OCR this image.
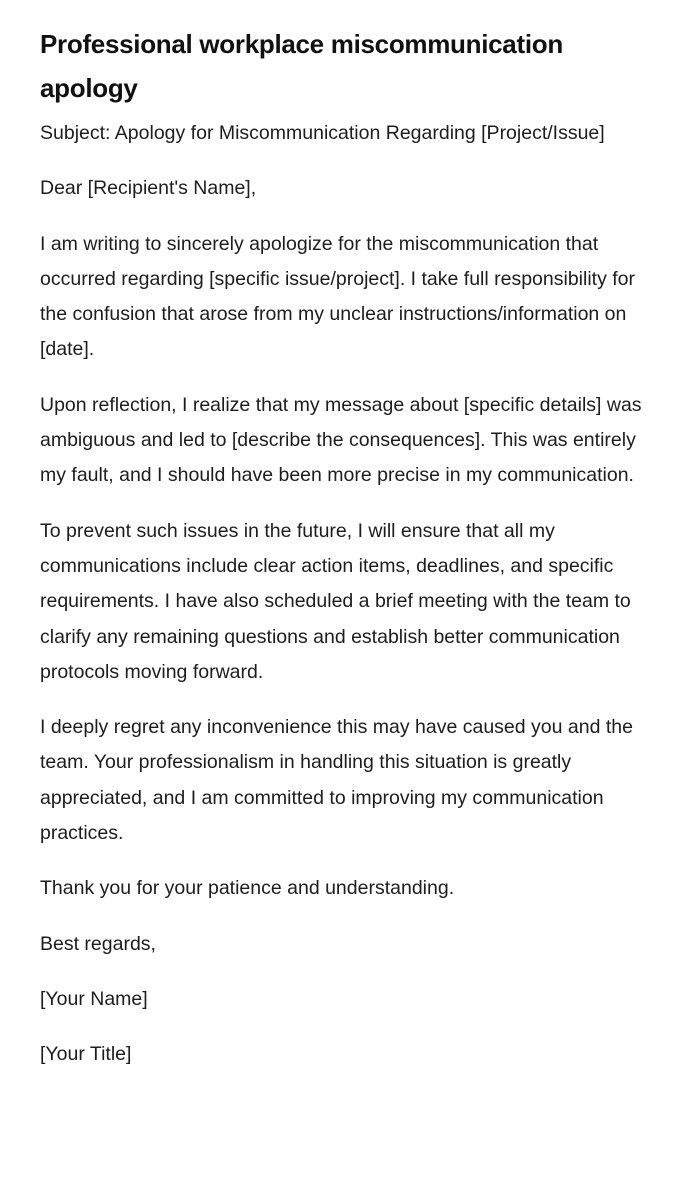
Professional workplace miscommunication apology

Subject: Apology for Miscommunication Regarding [Project/Issue]

Dear [Recipient's Name],

I am writing to sincerely apologize for the miscommunication that occurred regarding [specific issue/project]. I take full responsibility for the confusion that arose from my unclear instructions/information on [date].

Upon reflection, I realize that my message about [specific details] was ambiguous and led to [describe the consequences]. This was entirely my fault, and I should have been more precise in my communication.

To prevent such issues in the future, I will ensure that all my communications include clear action items, deadlines, and specific requirements. I have also scheduled a brief meeting with the team to clarify any remaining questions and establish better communication protocols moving forward.

I deeply regret any inconvenience this may have caused you and the team. Your professionalism in handling this situation is greatly appreciated, and I am committed to improving my communication practices.

Thank you for your patience and understanding.

Best regards,

[Your Name]

[Your Title]
